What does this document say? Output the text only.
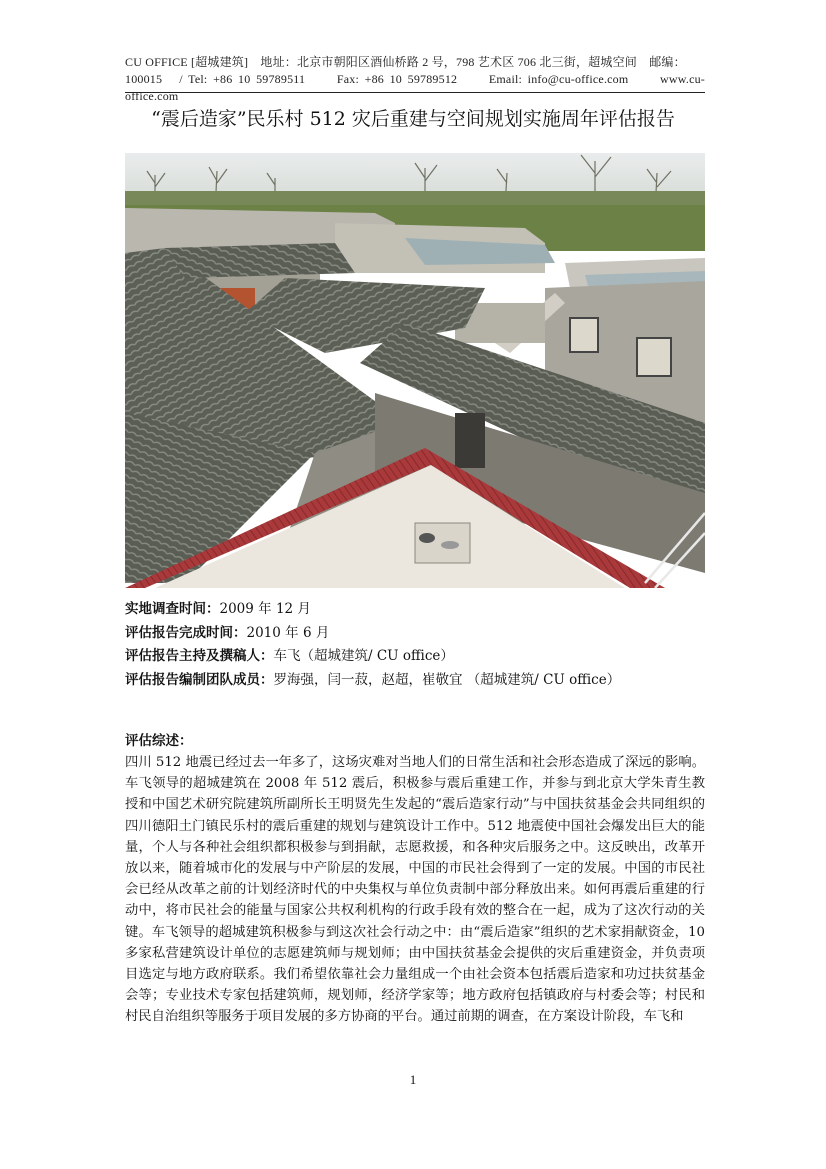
CU OFFICE [超城建筑]　地址：北京市朝阳区酒仙桥路 2 号，798 艺术区 706 北三街，超城空间　邮编：
100015　/ Tel: +86 10 59789511　　Fax: +86 10 59789512　　Email: info@cu-office.com　　www.cu-office.com
“震后造家”民乐村 512 灾后重建与空间规划实施周年评估报告
实地调查时间：2009 年 12 月
评估报告完成时间：2010 年 6 月
评估报告主持及撰稿人：车飞（超城建筑/ CU office）
评估报告编制团队成员：罗海强，闫一菽，赵超，崔敬宜 （超城建筑/ CU office）
评估综述：
四川 512 地震已经过去一年多了，这场灾难对当地人们的日常生活和社会形态造成了深远的影响。车飞领导的超城建筑在 2008 年 512 震后，积极参与震后重建工作，并参与到北京大学朱青生教授和中国艺术研究院建筑所副所长王明贤先生发起的“震后造家行动”与中国扶贫基金会共同组织的四川德阳土门镇民乐村的震后重建的规划与建筑设计工作中。512 地震使中国社会爆发出巨大的能量，个人与各种社会组织都积极参与到捐献，志愿救援，和各种灾后服务之中。这反映出，改革开放以来，随着城市化的发展与中产阶层的发展，中国的市民社会得到了一定的发展。中国的市民社会已经从改革之前的计划经济时代的中央集权与单位负责制中部分释放出来。如何再震后重建的行动中，将市民社会的能量与国家公共权利机构的行政手段有效的整合在一起，成为了这次行动的关键。车飞领导的超城建筑积极参与到这次社会行动之中：由“震后造家”组织的艺术家捐献资金，10 多家私营建筑设计单位的志愿建筑师与规划师；由中国扶贫基金会提供的灾后重建资金，并负责项目选定与地方政府联系。我们希望依靠社会力量组成一个由社会资本包括震后造家和功过扶贫基金会等；专业技术专家包括建筑师，规划师，经济学家等；地方政府包括镇政府与村委会等；村民和村民自治组织等服务于项目发展的多方协商的平台。通过前期的调查，在方案设计阶段，车飞和
1
